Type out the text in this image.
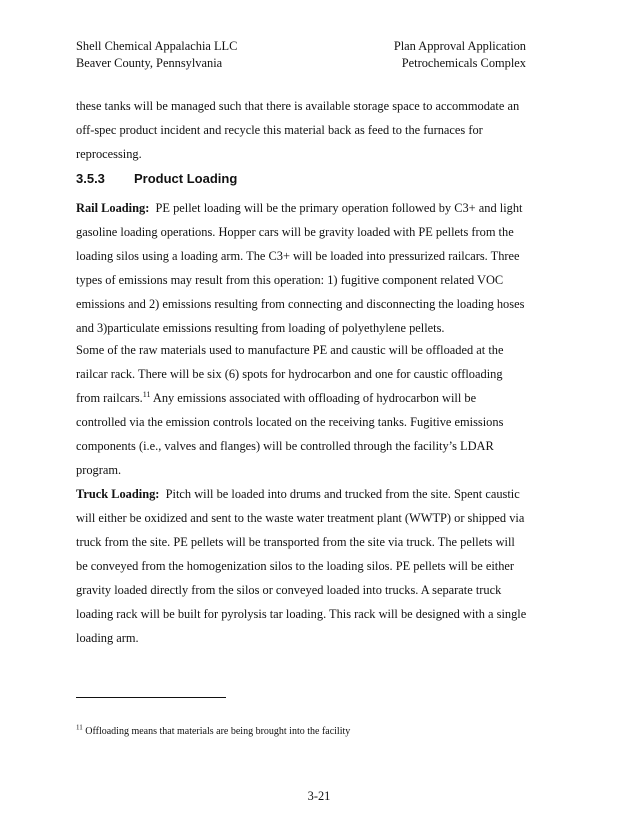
Shell Chemical Appalachia LLC
Beaver County, Pennsylvania
Plan Approval Application
Petrochemicals Complex

these tanks will be managed such that there is available storage space to accommodate an off-spec product incident and recycle this material back as feed to the furnaces for reprocessing.

3.5.3 Product Loading

Rail Loading: PE pellet loading will be the primary operation followed by C3+ and light gasoline loading operations. Hopper cars will be gravity loaded with PE pellets from the loading silos using a loading arm. The C3+ will be loaded into pressurized railcars. Three types of emissions may result from this operation: 1) fugitive component related VOC emissions and 2) emissions resulting from connecting and disconnecting the loading hoses and 3)particulate emissions resulting from loading of polyethylene pellets.

Some of the raw materials used to manufacture PE and caustic will be offloaded at the railcar rack. There will be six (6) spots for hydrocarbon and one for caustic offloading from railcars.$^{11}$ Any emissions associated with offloading of hydrocarbon will be controlled via the emission controls located on the receiving tanks. Fugitive emissions components (i.e., valves and flanges) will be controlled through the facility’s LDAR program.

Truck Loading: Pitch will be loaded into drums and trucked from the site. Spent caustic will either be oxidized and sent to the waste water treatment plant (WWTP) or shipped via truck from the site. PE pellets will be transported from the site via truck. The pellets will be conveyed from the homogenization silos to the loading silos. PE pellets will be either gravity loaded directly from the silos or conveyed loaded into trucks. A separate truck loading rack will be built for pyrolysis tar loading. This rack will be designed with a single loading arm.

$^{11}$ Offloading means that materials are being brought into the facility
3-21
